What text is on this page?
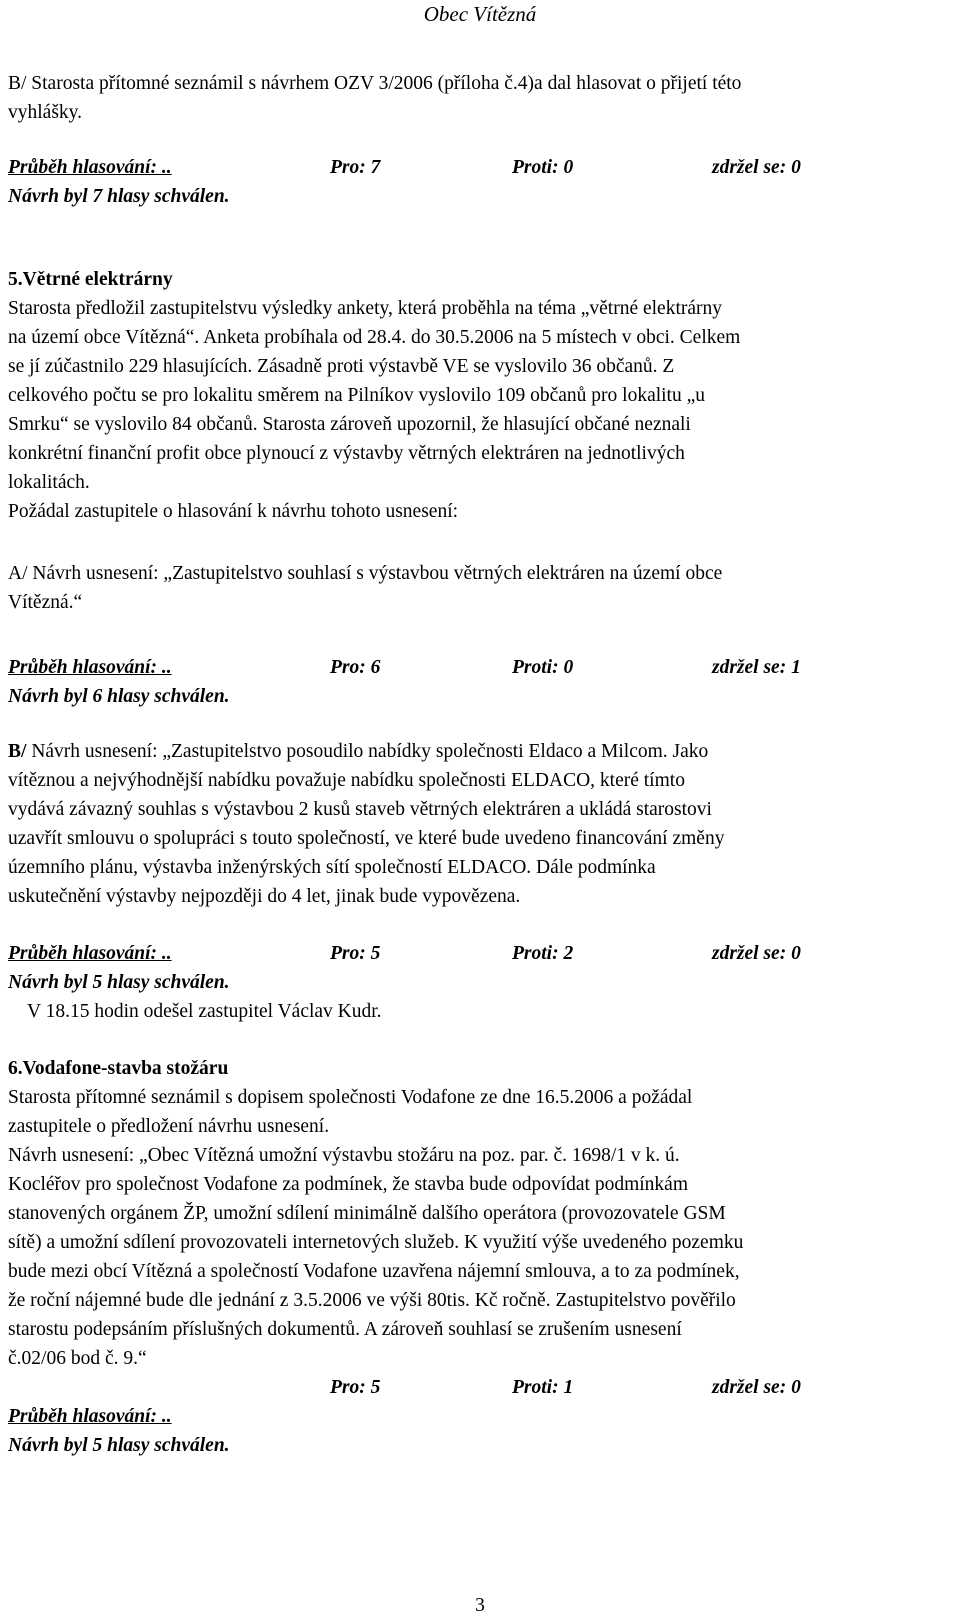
Obec Vítězná
B/ Starosta přítomné seznámil s návrhem OZV 3/2006 (příloha č.4)a dal hlasovat o přijetí této
vyhlášky.
Průběh hlasování: ..	Pro: 7	Proti: 0	zdržel se: 0
Návrh byl 7 hlasy schválen.
5.Větrné elektrárny
Starosta předložil zastupitelstvu výsledky ankety, která proběhla na téma „větrné elektrárny
na území obce Vítězná“. Anketa probíhala od 28.4. do 30.5.2006 na 5 místech v obci. Celkem
se jí zúčastnilo 229 hlasujících. Zásadně proti výstavbě VE se vyslovilo 36 občanů. Z
celkového počtu se pro lokalitu směrem na Pilníkov vyslovilo 109 občanů pro lokalitu „u
Smrku“ se vyslovilo 84 občanů. Starosta zároveň upozornil, že hlasující občané neznali
konkrétní finanční profit obce plynoucí z výstavby větrných elektráren na jednotlivých
lokalitách.
Požádal zastupitele o hlasování k návrhu tohoto usnesení:
A/ Návrh usnesení: „Zastupitelstvo souhlasí s výstavbou větrných elektráren na území obce
Vítězná.“
Průběh hlasování: ..	Pro: 6	Proti: 0	zdržel se: 1
Návrh byl 6 hlasy schválen.
B/ Návrh usnesení: „Zastupitelstvo posoudilo nabídky společnosti Eldaco a Milcom. Jako
vítěznou a nejvýhodnější nabídku považuje nabídku společnosti ELDACO, které tímto
vydává závazný souhlas s výstavbou 2 kusů staveb větrných elektráren a ukládá starostovi
uzavřít smlouvu o spolupráci s touto společností, ve které bude uvedeno financování změny
územního plánu, výstavba inženýrských sítí společností ELDACO. Dále podmínka
uskutečnění výstavby nejpozději do 4 let, jinak bude vypovězena.
Průběh hlasování: ..	Pro: 5	Proti: 2	zdržel se: 0
Návrh byl 5 hlasy schválen.
V 18.15 hodin odešel zastupitel Václav Kudr.
6.Vodafone-stavba stožáru
Starosta přítomné seznámil s dopisem společnosti Vodafone ze dne 16.5.2006 a požádal
zastupitele o předložení návrhu usnesení.
Návrh usnesení: „Obec Vítězná umožní výstavbu stožáru na poz. par. č. 1698/1 v k. ú.
Kocléřov pro společnost Vodafone za podmínek, že stavba bude odpovídat podmínkám
stanovených orgánem ŽP, umožní sdílení minimálně dalšího operátora (provozovatele GSM
sítě) a umožní sdílení provozovateli internetových služeb. K využití výše uvedeného pozemku
bude mezi obcí Vítězná a společností Vodafone uzavřena nájemní smlouva, a to za podmínek,
že roční nájemné bude dle jednání z 3.5.2006 ve výši 80tis. Kč ročně. Zastupitelstvo pověřilo
starostu podepsáním příslušných dokumentů. A zároveň souhlasí se zrušením usnesení
č.02/06 bod č. 9.“
Pro: 5	Proti: 1	zdržel se: 0
Průběh hlasování: ..
Návrh byl 5 hlasy schválen.
3
